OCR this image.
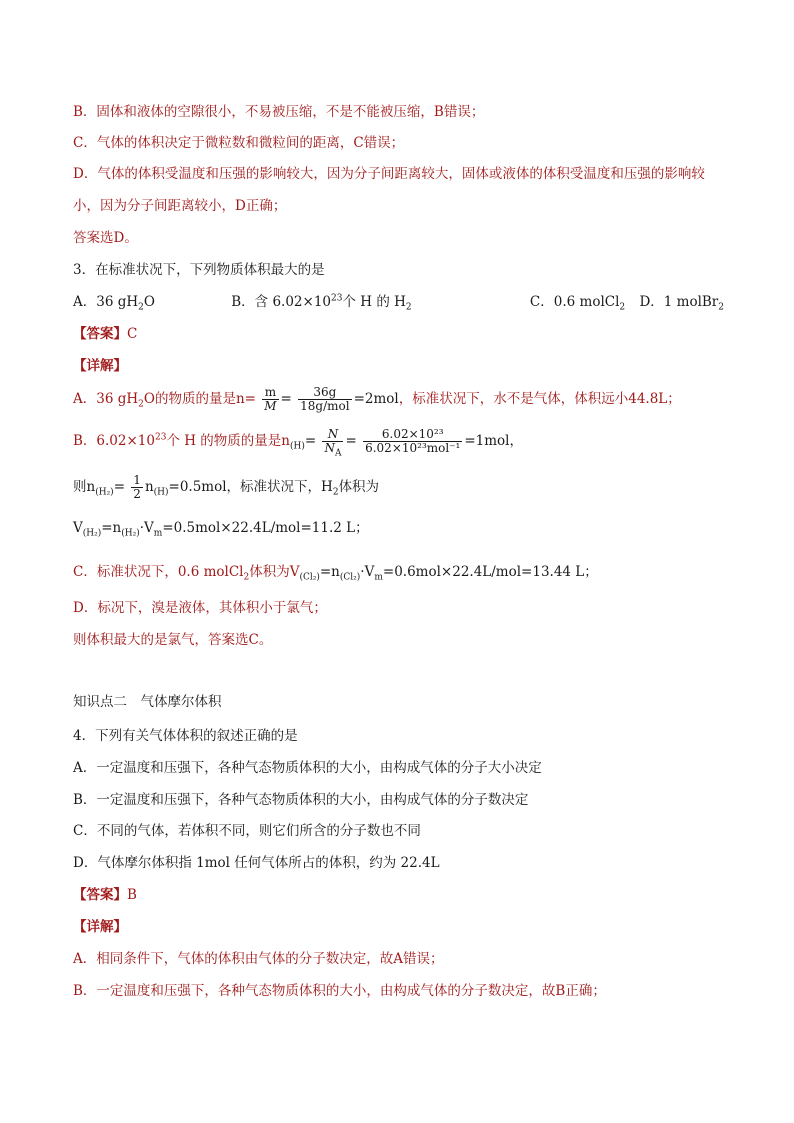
B．固体和液体的空隙很小，不易被压缩，不是不能被压缩，B错误；
C．气体的体积决定于微粒数和微粒间的距离，C错误；
D．气体的体积受温度和压强的影响较大，因为分子间距离较大，固体或液体的体积受温度和压强的影响较
小，因为分子间距离较小，D正确；
答案选D。
3．在标准状况下，下列物质体积最大的是
A．36 $gH_2O$	B．含 $6.02\times 10^{23}$个 H 的 $H_2$	C．0.6 molCl$_2$ D．1 molBr$_2$
【答案】C
【详解】
A．36 $gH_2O$的物质的量是$n= \frac{m}{M} = \frac{36g}{\text{18g/mol}} =2mol$，标准状况下，水不是气体，体积远小44.8L；
B．$6.02\times 10^{23}$个 H 的物质的量是$n_{(H)}= \frac{N}{N_A} = \frac{\text{6.02×10²³}}{\text{6.02×10²³mol⁻¹}} =1mol$，
则$n_{(H_2)}= \frac{1}{2} n_{(H)}=0.5mol$，标准状况下，$H_2$体积为
$V_{(H_2)}=n_{(H_2)}\cdot V_m=0.5mol\times 22.4L/mol=11.2$ L；
C．标准状况下，0.6 molCl$_2$体积为$V_{(Cl_2)}=n_{(Cl_2)}\cdot V_m=0.6mol\times 22.4L/mol=13.44$ L；
D．标况下，溴是液体，其体积小于氯气；
则体积最大的是氯气，答案选C。
知识点二　气体摩尔体积
4．下列有关气体体积的叙述正确的是
A．一定温度和压强下，各种气态物质体积的大小，由构成气体的分子大小决定
B．一定温度和压强下，各种气态物质体积的大小，由构成气体的分子数决定
C．不同的气体，若体积不同，则它们所含的分子数也不同
D．气体摩尔体积指 1mol 任何气体所占的体积，约为 22.4L
【答案】B
【详解】
A．相同条件下，气体的体积由气体的分子数决定，故A错误；
B．一定温度和压强下，各种气态物质体积的大小，由构成气体的分子数决定，故B正确；
